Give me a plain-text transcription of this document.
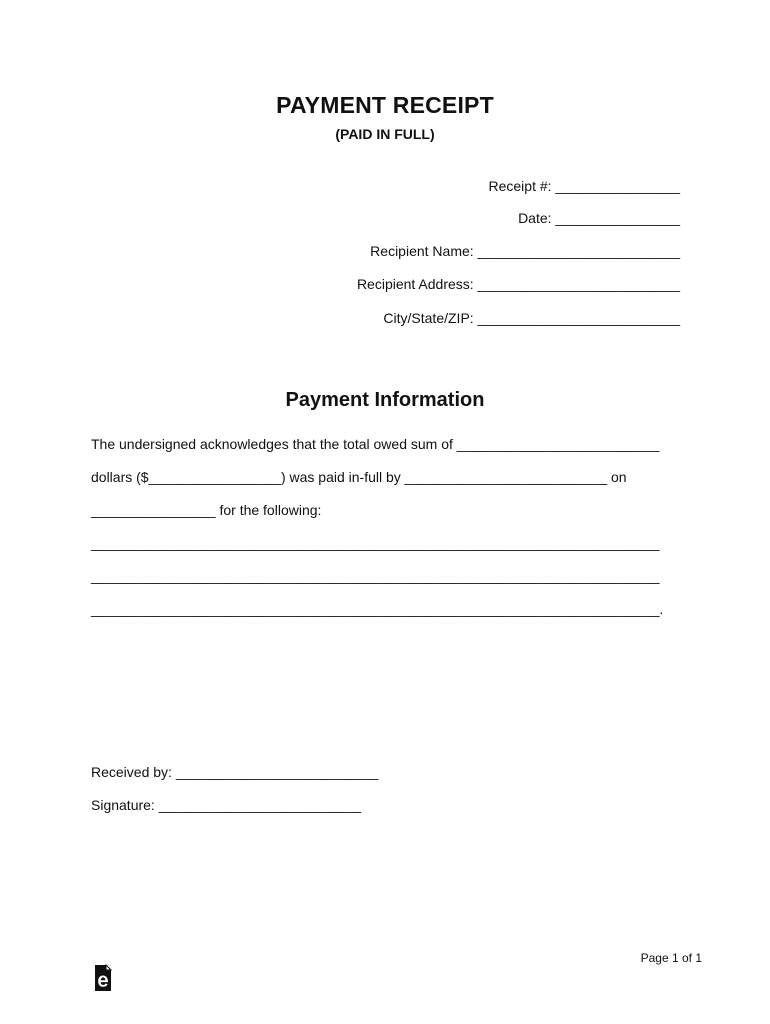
PAYMENT RECEIPT
(PAID IN FULL)
Receipt #: ________________
Date: ________________
Recipient Name: __________________________
Recipient Address: __________________________
City/State/ZIP: __________________________
Payment Information
The undersigned acknowledges that the total owed sum of __________________________
dollars ($_________________) was paid in-full by __________________________ on
________________ for the following:
_________________________________________________________________________
_________________________________________________________________________
_________________________________________________________________________.
Received by: __________________________
Signature: __________________________
Page 1 of 1
